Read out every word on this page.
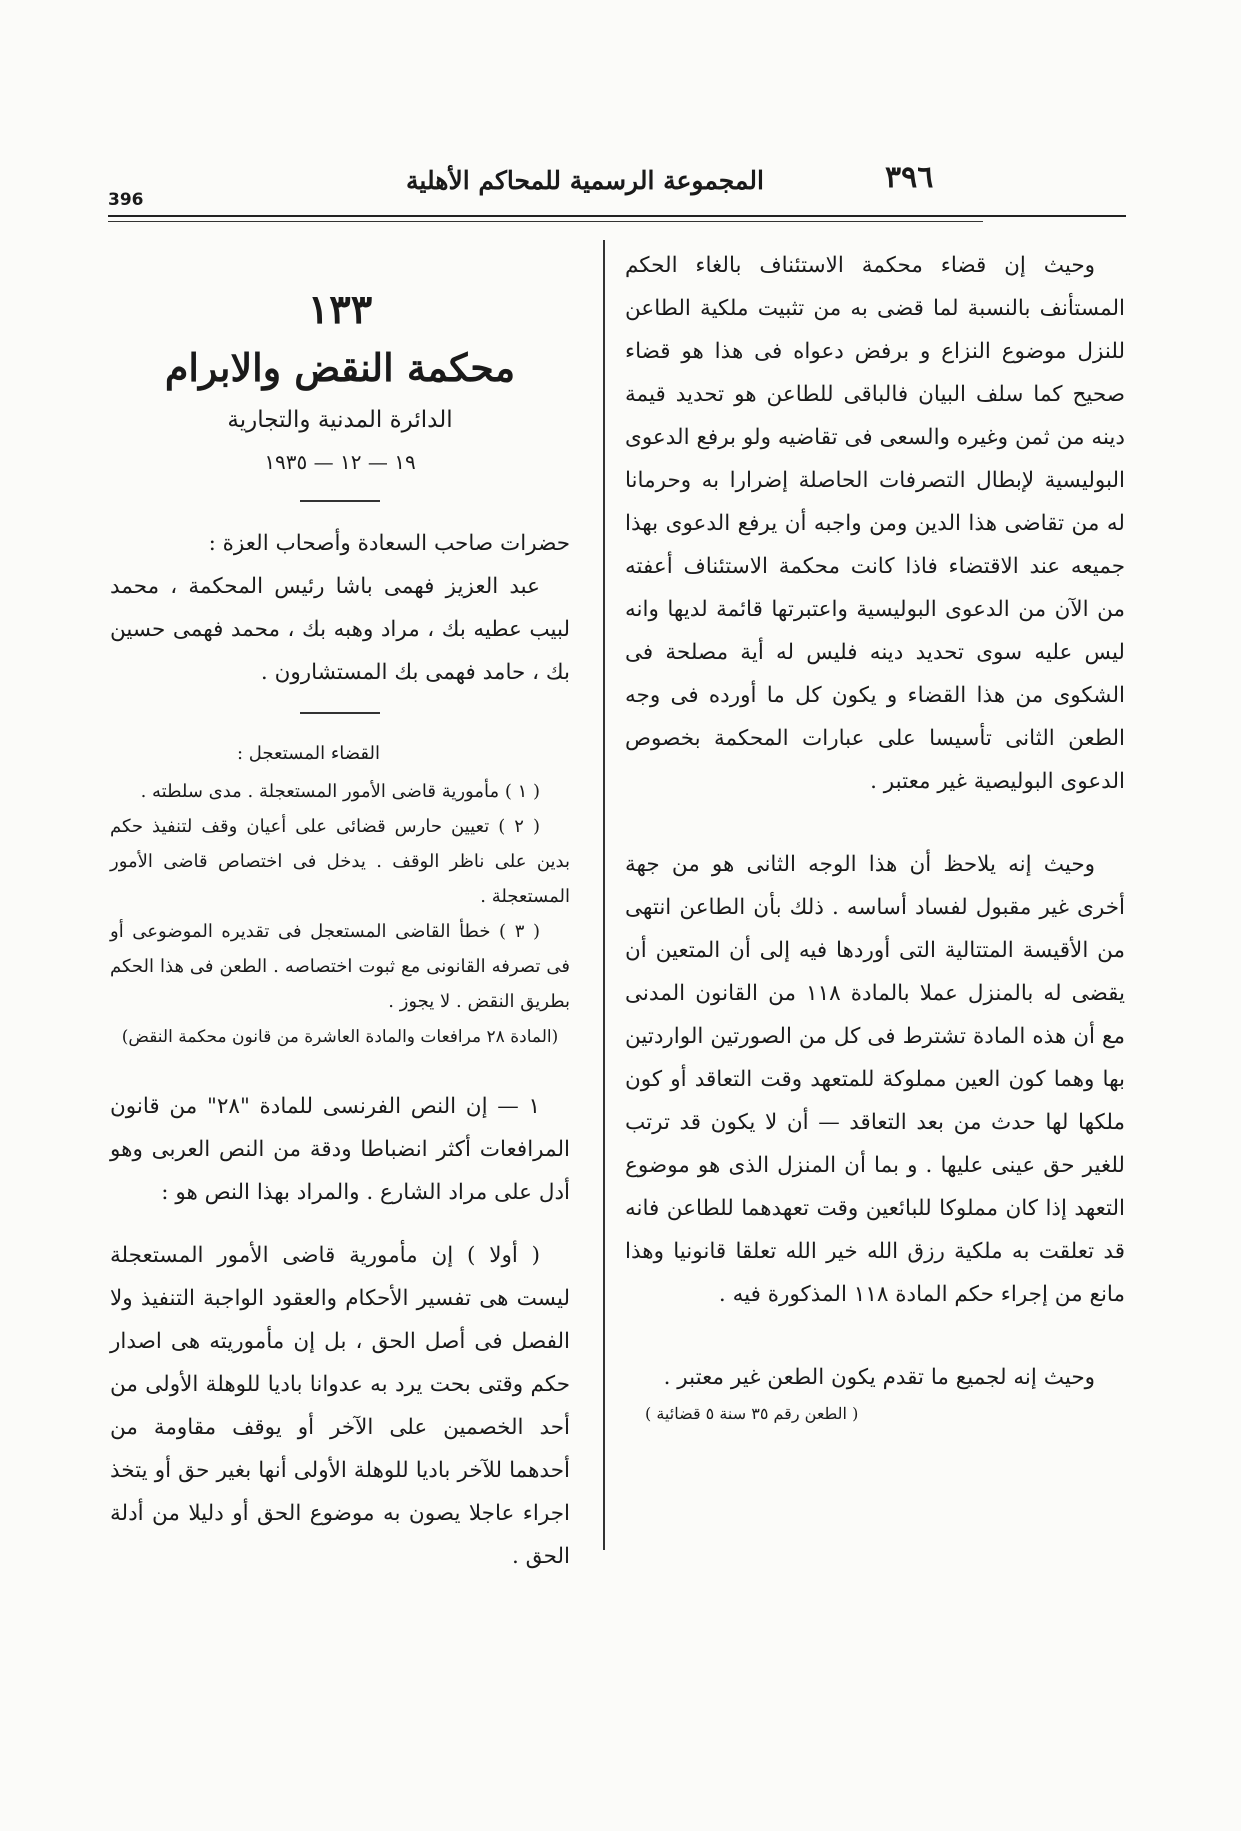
396
المجموعة الرسمية للمحاكم الأهلية	٣٩٦

وحيث إن قضاء محكمة الاستئناف بالغاء الحكم المستأنف بالنسبة لما قضى به من تثبيت ملكية الطاعن للنزل موضوع النزاع و برفض دعواه فى هذا هو قضاء صحيح كما سلف البيان فالباقى للطاعن هو تحديد قيمة دينه من ثمن وغيره والسعى فى تقاضيه ولو برفع الدعوى البوليسية لإبطال التصرفات الحاصلة إضرارا به وحرمانا له من تقاضى هذا الدين ومن واجبه أن يرفع الدعوى بهذا جميعه عند الاقتضاء فاذا كانت محكمة الاستئناف أعفته من الآن من الدعوى البوليسية واعتبرتها قائمة لديها وانه ليس عليه سوى تحديد دينه فليس له أية مصلحة فى الشكوى من هذا القضاء و يكون كل ما أورده فى وجه الطعن الثانى تأسيسا على عبارات المحكمة بخصوص الدعوى البوليصية غير معتبر .

وحيث إنه يلاحظ أن هذا الوجه الثانى هو من جهة أخرى غير مقبول لفساد أساسه . ذلك بأن الطاعن انتهى من الأقيسة المتتالية التى أوردها فيه إلى أن المتعين أن يقضى له بالمنزل عملا بالمادة ١١٨ من القانون المدنى مع أن هذه المادة تشترط فى كل من الصورتين الواردتين بها وهما كون العين مملوكة للمتعهد وقت التعاقد أو كون ملكها لها حدث من بعد التعاقد — أن لا يكون قد ترتب للغير حق عينى عليها . و بما أن المنزل الذى هو موضوع التعهد إذا كان مملوكا للبائعين وقت تعهدهما للطاعن فانه قد تعلقت به ملكية رزق الله خير الله تعلقا قانونيا وهذا مانع من إجراء حكم المادة ١١٨ المذكورة فيه .

وحيث إنه لجميع ما تقدم يكون الطعن غير معتبر .

( الطعن رقم ٣٥ سنة ٥ قضائية )

١٣٣
محكمة النقض والابرام
الدائرة المدنية والتجارية
١٩ — ١٢ — ١٩٣٥

حضرات صاحب السعادة وأصحاب العزة :

عبد العزيز فهمى باشا رئيس المحكمة ، محمد لبيب عطيه بك ، مراد وهبه بك ، محمد فهمى حسين بك ، حامد فهمى بك المستشارون .

القضاء المستعجل :

( ١ ) مأمورية قاضى الأمور المستعجلة . مدى سلطته .

( ٢ ) تعيين حارس قضائى على أعيان وقف لتنفيذ حكم بدين على ناظر الوقف . يدخل فى اختصاص قاضى الأمور المستعجلة .

( ٣ ) خطأ القاضى المستعجل فى تقديره الموضوعى أو فى تصرفه القانونى مع ثبوت اختصاصه . الطعن فى هذا الحكم بطريق النقض . لا يجوز .

(المادة ٢٨ مرافعات والمادة العاشرة من قانون محكمة النقض)

١ — إن النص الفرنسى للمادة "٢٨" من قانون المرافعات أكثر انضباطا ودقة من النص العربى وهو أدل على مراد الشارع . والمراد بهذا النص هو :

( أولا ) إن مأمورية قاضى الأمور المستعجلة ليست هى تفسير الأحكام والعقود الواجبة التنفيذ ولا الفصل فى أصل الحق ، بل إن مأموريته هى اصدار حكم وقتى بحت يرد به عدوانا باديا للوهلة الأولى من أحد الخصمين على الآخر أو يوقف مقاومة من أحدهما للآخر باديا للوهلة الأولى أنها بغير حق أو يتخذ اجراء عاجلا يصون به موضوع الحق أو دليلا من أدلة الحق .
